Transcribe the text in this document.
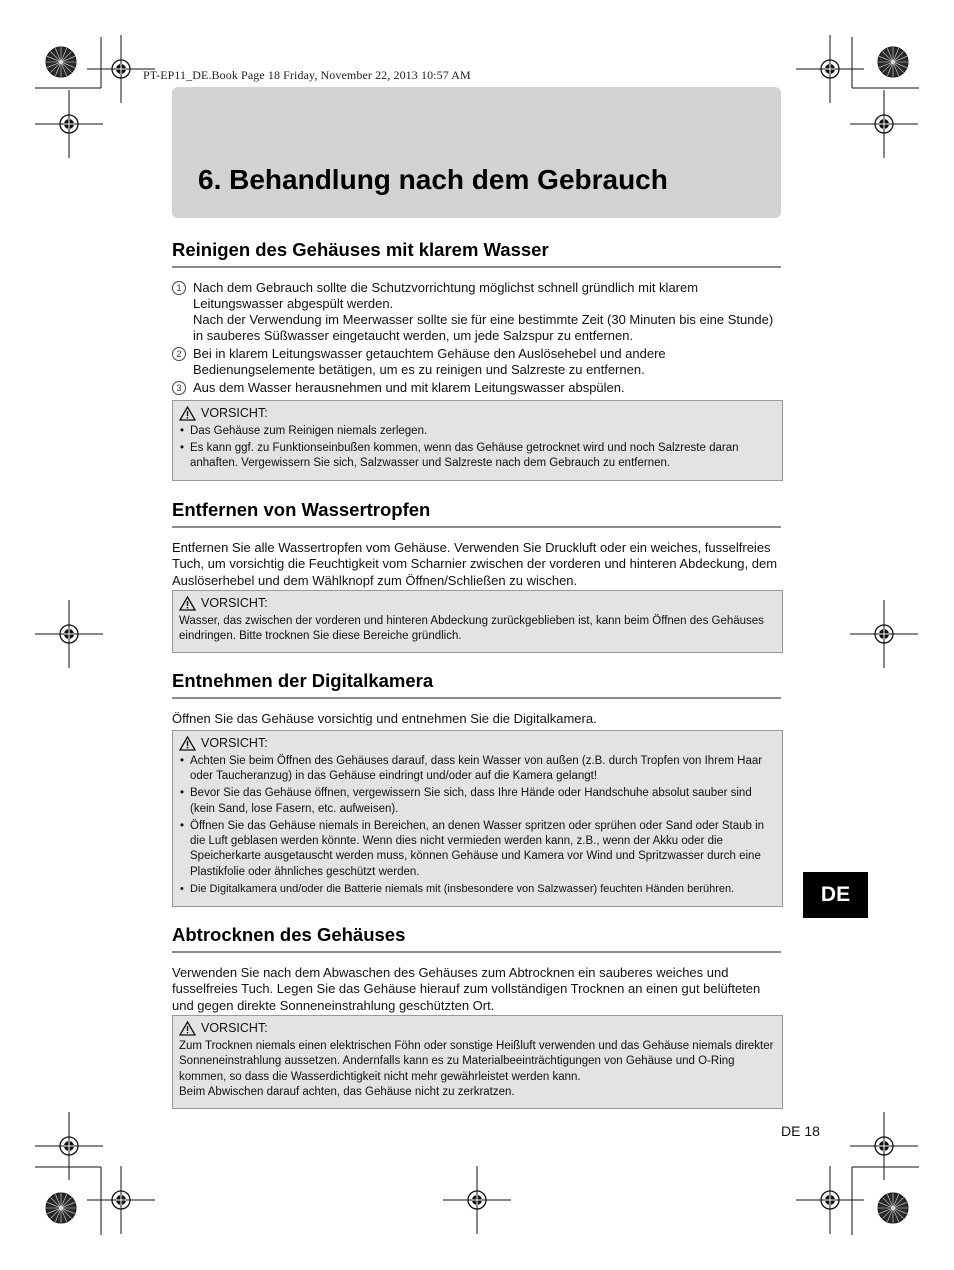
PT-EP11_DE.Book Page 18 Friday, November 22, 2013 10:57 AM
6. Behandlung nach dem Gebrauch
Reinigen des Gehäuses mit klarem Wasser
1 Nach dem Gebrauch sollte die Schutzvorrichtung möglichst schnell gründlich mit klarem Leitungswasser abgespült werden.
Nach der Verwendung im Meerwasser sollte sie für eine bestimmte Zeit (30 Minuten bis eine Stunde) in sauberes Süßwasser eingetaucht werden, um jede Salzspur zu entfernen.
2 Bei in klarem Leitungswasser getauchtem Gehäuse den Auslösehebel und andere Bedienungselemente betätigen, um es zu reinigen und Salzreste zu entfernen.
3 Aus dem Wasser herausnehmen und mit klarem Leitungswasser abspülen.
VORSICHT:
• Das Gehäuse zum Reinigen niemals zerlegen.
• Es kann ggf. zu Funktionseinbußen kommen, wenn das Gehäuse getrocknet wird und noch Salzreste daran anhaften. Vergewissern Sie sich, Salzwasser und Salzreste nach dem Gebrauch zu entfernen.
Entfernen von Wassertropfen

Entfernen Sie alle Wassertropfen vom Gehäuse. Verwenden Sie Druckluft oder ein weiches, fusselfreies Tuch, um vorsichtig die Feuchtigkeit vom Scharnier zwischen der vorderen und hinteren Abdeckung, dem Auslöserhebel und dem Wählknopf zum Öffnen/Schließen zu wischen.

VORSICHT:

Wasser, das zwischen der vorderen und hinteren Abdeckung zurückgeblieben ist, kann beim Öffnen des Gehäuses eindringen. Bitte trocknen Sie diese Bereiche gründlich.

Entnehmen der Digitalkamera

Öffnen Sie das Gehäuse vorsichtig und entnehmen Sie die Digitalkamera.

VORSICHT:
• Achten Sie beim Öffnen des Gehäuses darauf, dass kein Wasser von außen (z.B. durch Tropfen von Ihrem Haar oder Taucheranzug) in das Gehäuse eindringt und/oder auf die Kamera gelangt!
• Bevor Sie das Gehäuse öffnen, vergewissern Sie sich, dass Ihre Hände oder Handschuhe absolut sauber sind (kein Sand, lose Fasern, etc. aufweisen).
• Öffnen Sie das Gehäuse niemals in Bereichen, an denen Wasser spritzen oder sprühen oder Sand oder Staub in die Luft geblasen werden könnte. Wenn dies nicht vermieden werden kann, z.B., wenn der Akku oder die Speicherkarte ausgetauscht werden muss, können Gehäuse und Kamera vor Wind und Spritzwasser durch eine Plastikfolie oder ähnliches geschützt werden.
• Die Digitalkamera und/oder die Batterie niemals mit (insbesondere von Salzwasser) feuchten Händen berühren.
Abtrocknen des Gehäuses

Verwenden Sie nach dem Abwaschen des Gehäuses zum Abtrocknen ein sauberes weiches und fusselfreies Tuch. Legen Sie das Gehäuse hierauf zum vollständigen Trocknen an einen gut belüfteten und gegen direkte Sonneneinstrahlung geschützten Ort.

VORSICHT:

Zum Trocknen niemals einen elektrischen Föhn oder sonstige Heißluft verwenden und das Gehäuse niemals direkter Sonneneinstrahlung aussetzen. Andernfalls kann es zu Materialbeeinträchtigungen von Gehäuse und O-Ring kommen, so dass die Wasserdichtigkeit nicht mehr gewährleistet werden kann.

Beim Abwischen darauf achten, das Gehäuse nicht zu zerkratzen.

DE
DE 18
